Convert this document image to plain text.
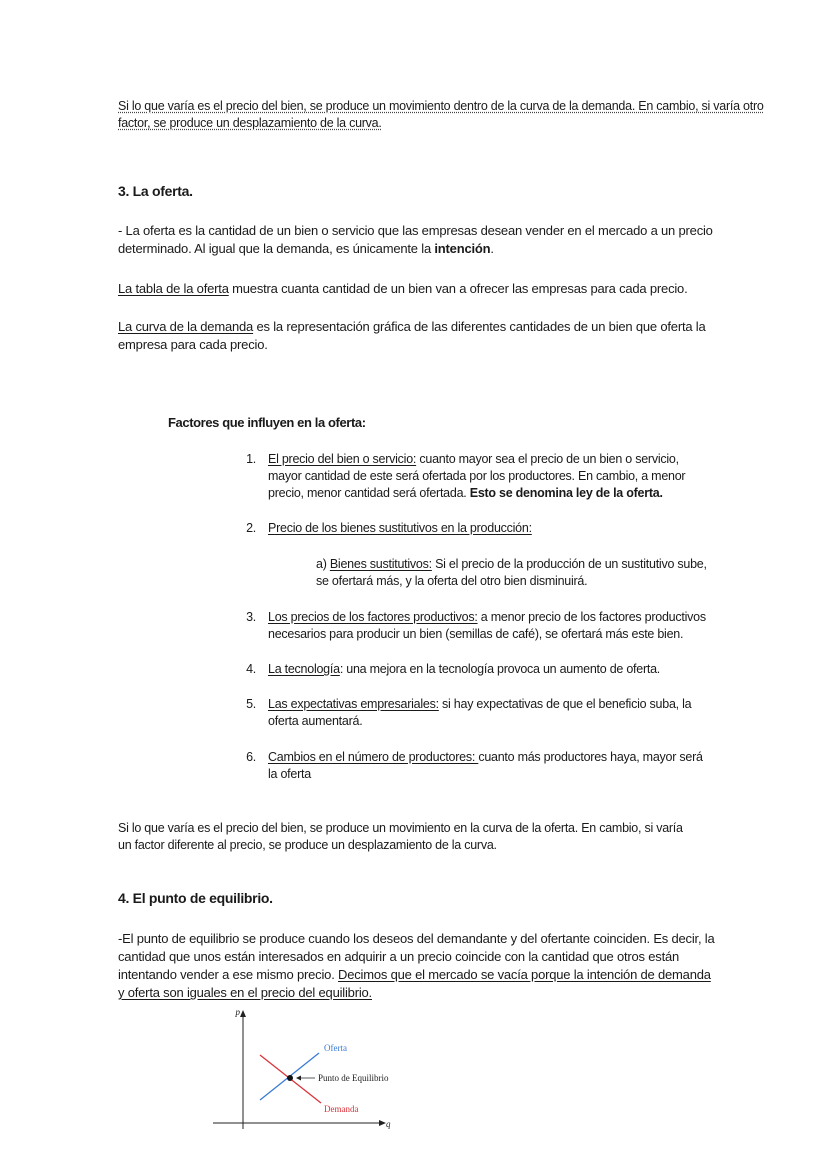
Si lo que varía es el precio del bien, se produce un movimiento dentro de la curva de la demanda. En cambio, si varía otro
factor, se produce un desplazamiento de la curva.
3. La oferta.
- La oferta es la cantidad de un bien o servicio que las empresas desean vender en el mercado a un precio determinado. Al igual que la demanda, es únicamente la intención.
La tabla de la oferta muestra cuanta cantidad de un bien van a ofrecer las empresas para cada precio.
La curva de la demanda es la representación gráfica de las diferentes cantidades de un bien que oferta la empresa para cada precio.
Factores que influyen en la oferta:
1. El precio del bien o servicio: cuanto mayor sea el precio de un bien o servicio, mayor cantidad de este será ofertada por los productores. En cambio, a menor precio, menor cantidad será ofertada. Esto se denomina ley de la oferta.
2. Precio de los bienes sustitutivos en la producción:
a) Bienes sustitutivos: Si el precio de la producción de un sustitutivo sube, se ofertará más, y la oferta del otro bien disminuirá.
3. Los precios de los factores productivos: a menor precio de los factores productivos necesarios para producir un bien (semillas de café), se ofertará más este bien.
4. La tecnología: una mejora en la tecnología provoca un aumento de oferta.
5. Las expectativas empresariales: si hay expectativas de que el beneficio suba, la oferta aumentará.
6. Cambios en el número de productores: cuanto más productores haya, mayor será la oferta
Si lo que varía es el precio del bien, se produce un movimiento en la curva de la oferta. En cambio, si varía un factor diferente al precio, se produce un desplazamiento de la curva.
4. El punto de equilibrio.
-El punto de equilibrio se produce cuando los deseos del demandante y del ofertante coinciden. Es decir, la cantidad que unos están interesados en adquirir a un precio coincide con la cantidad que otros están intentando vender a ese mismo precio. Decimos que el mercado se vacía porque la intención de demanda y oferta son iguales en el precio del equilibrio.
p
q
Oferta
Demanda
Punto de Equilibrio
